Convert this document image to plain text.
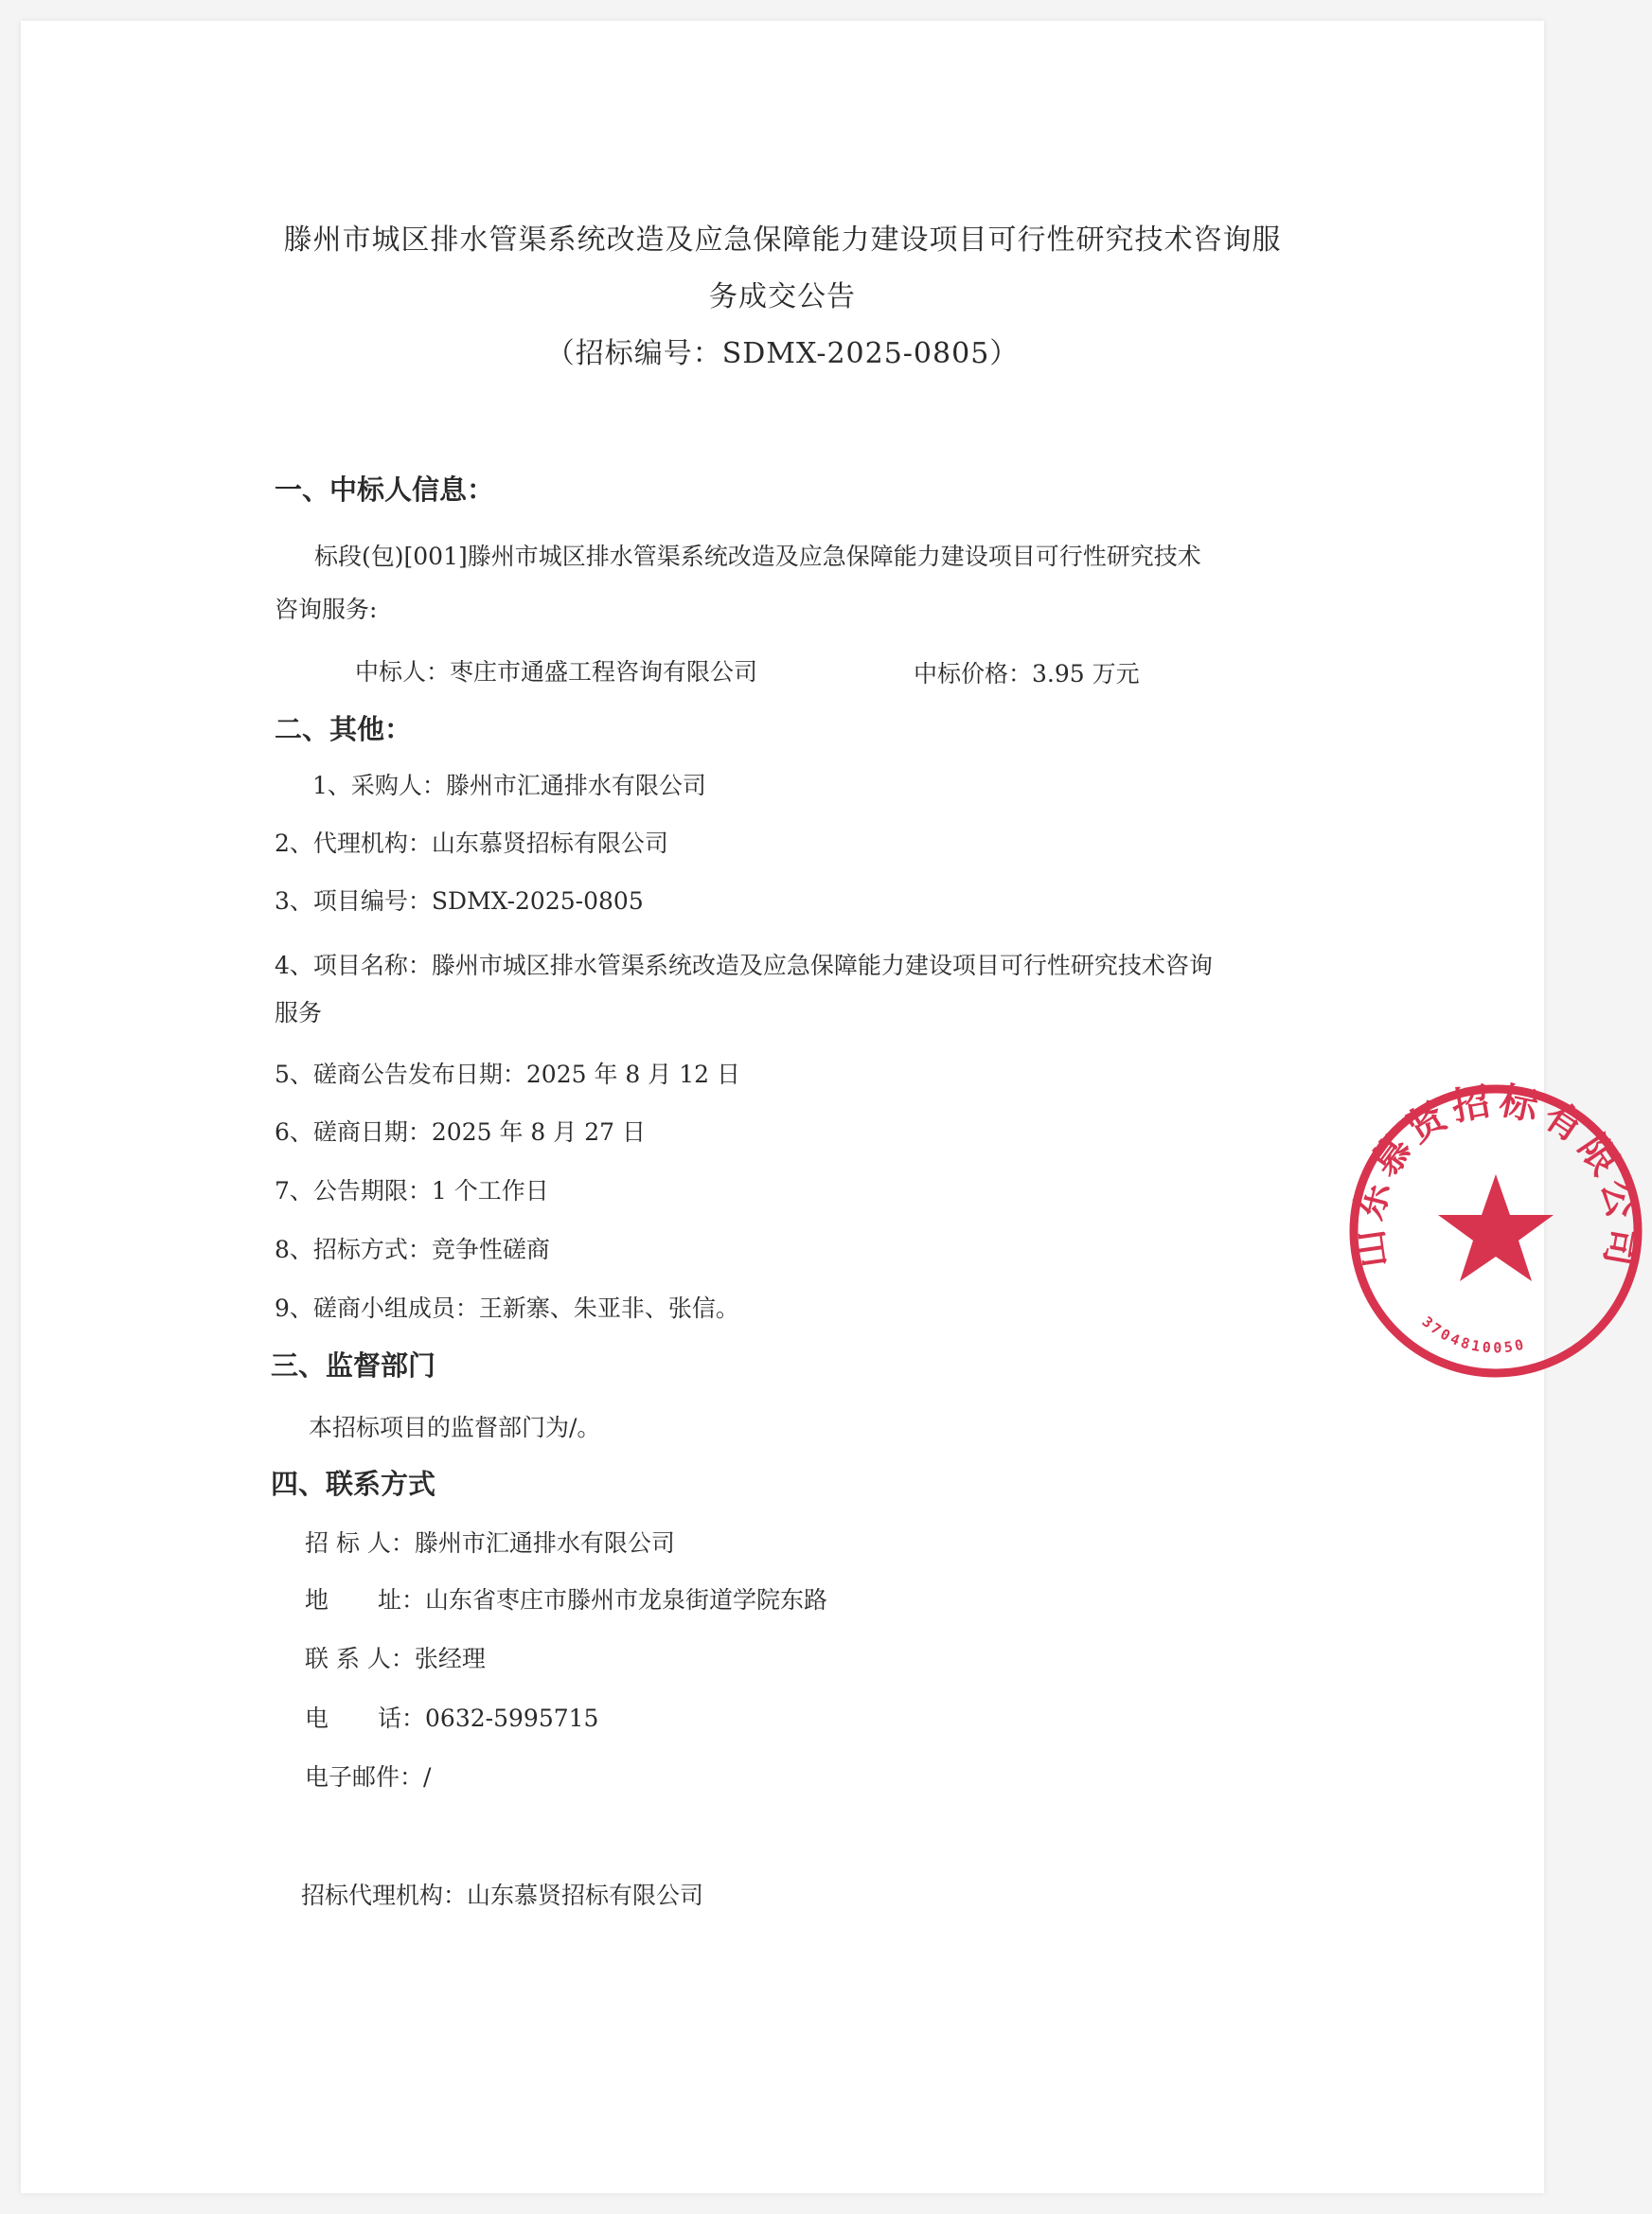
滕州市城区排水管渠系统改造及应急保障能力建设项目可行性研究技术咨询服
务成交公告
（招标编号：SDMX-2025-0805）
一、中标人信息：
标段(包)[001]滕州市城区排水管渠系统改造及应急保障能力建设项目可行性研究技术
咨询服务:
中标人：枣庄市通盛工程咨询有限公司	中标价格：3.95 万元
二、其他：
1、采购人：滕州市汇通排水有限公司
2、代理机构：山东慕贤招标有限公司
3、项目编号：SDMX-2025-0805
4、项目名称：滕州市城区排水管渠系统改造及应急保障能力建设项目可行性研究技术咨询
服务
5、磋商公告发布日期：2025 年 8 月 12 日
6、磋商日期：2025 年 8 月 27 日
7、公告期限：1 个工作日
8、招标方式：竞争性磋商
9、磋商小组成员：王新寨、朱亚非、张信。
三、监督部门
本招标项目的监督部门为/。
四、联系方式
招 标 人：滕州市汇通排水有限公司
地 址：山东省枣庄市滕州市龙泉街道学院东路
联 系 人：张经理
电 话：0632-5995715
电子邮件：/
招标代理机构：山东慕贤招标有限公司
山东慕贤招标有限公司
3704810050
